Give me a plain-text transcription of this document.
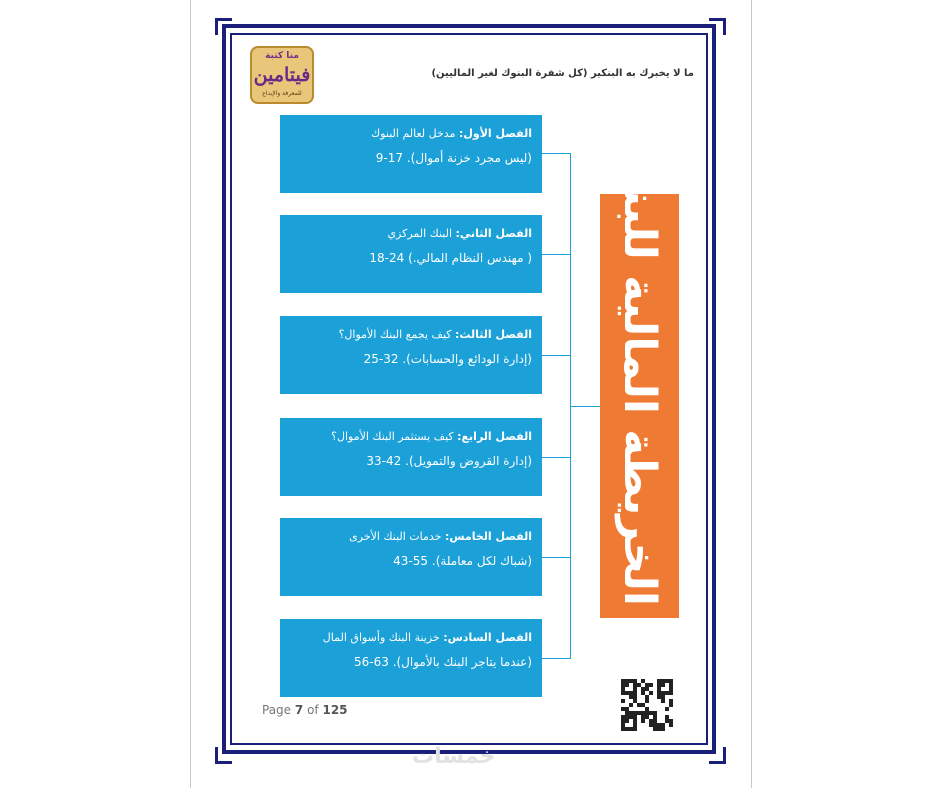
منا كتبة
فيتامين
للمعرفة والإبداع
ما لا يخبرك به البنكير (كل شفرة البنوك لغير الماليين)
الفصل الأول: مدخل لعالم البنوك
(ليس مجرد خزنة أموال). 17-9
الفصل الثاني: البنك المركزي
( مهندس النظام المالي.) 24-18
الفصل الثالث: كيف يجمع البنك الأموال؟
(إدارة الودائع والحسابات). 32-25
الفصل الرابع: كيف يستثمر البنك الأموال؟
(إدارة القروض والتمويل). 42-33
الفصل الخامس: خدمات البنك الأخرى
(شباك لكل معاملة). 55-43
الفصل السادس: خزينة البنك وأسواق المال
(عندما يتاجر البنك بالأموال). 63-56
الخريطة المالية للبنوك
Page 7 of 125
خمسات
